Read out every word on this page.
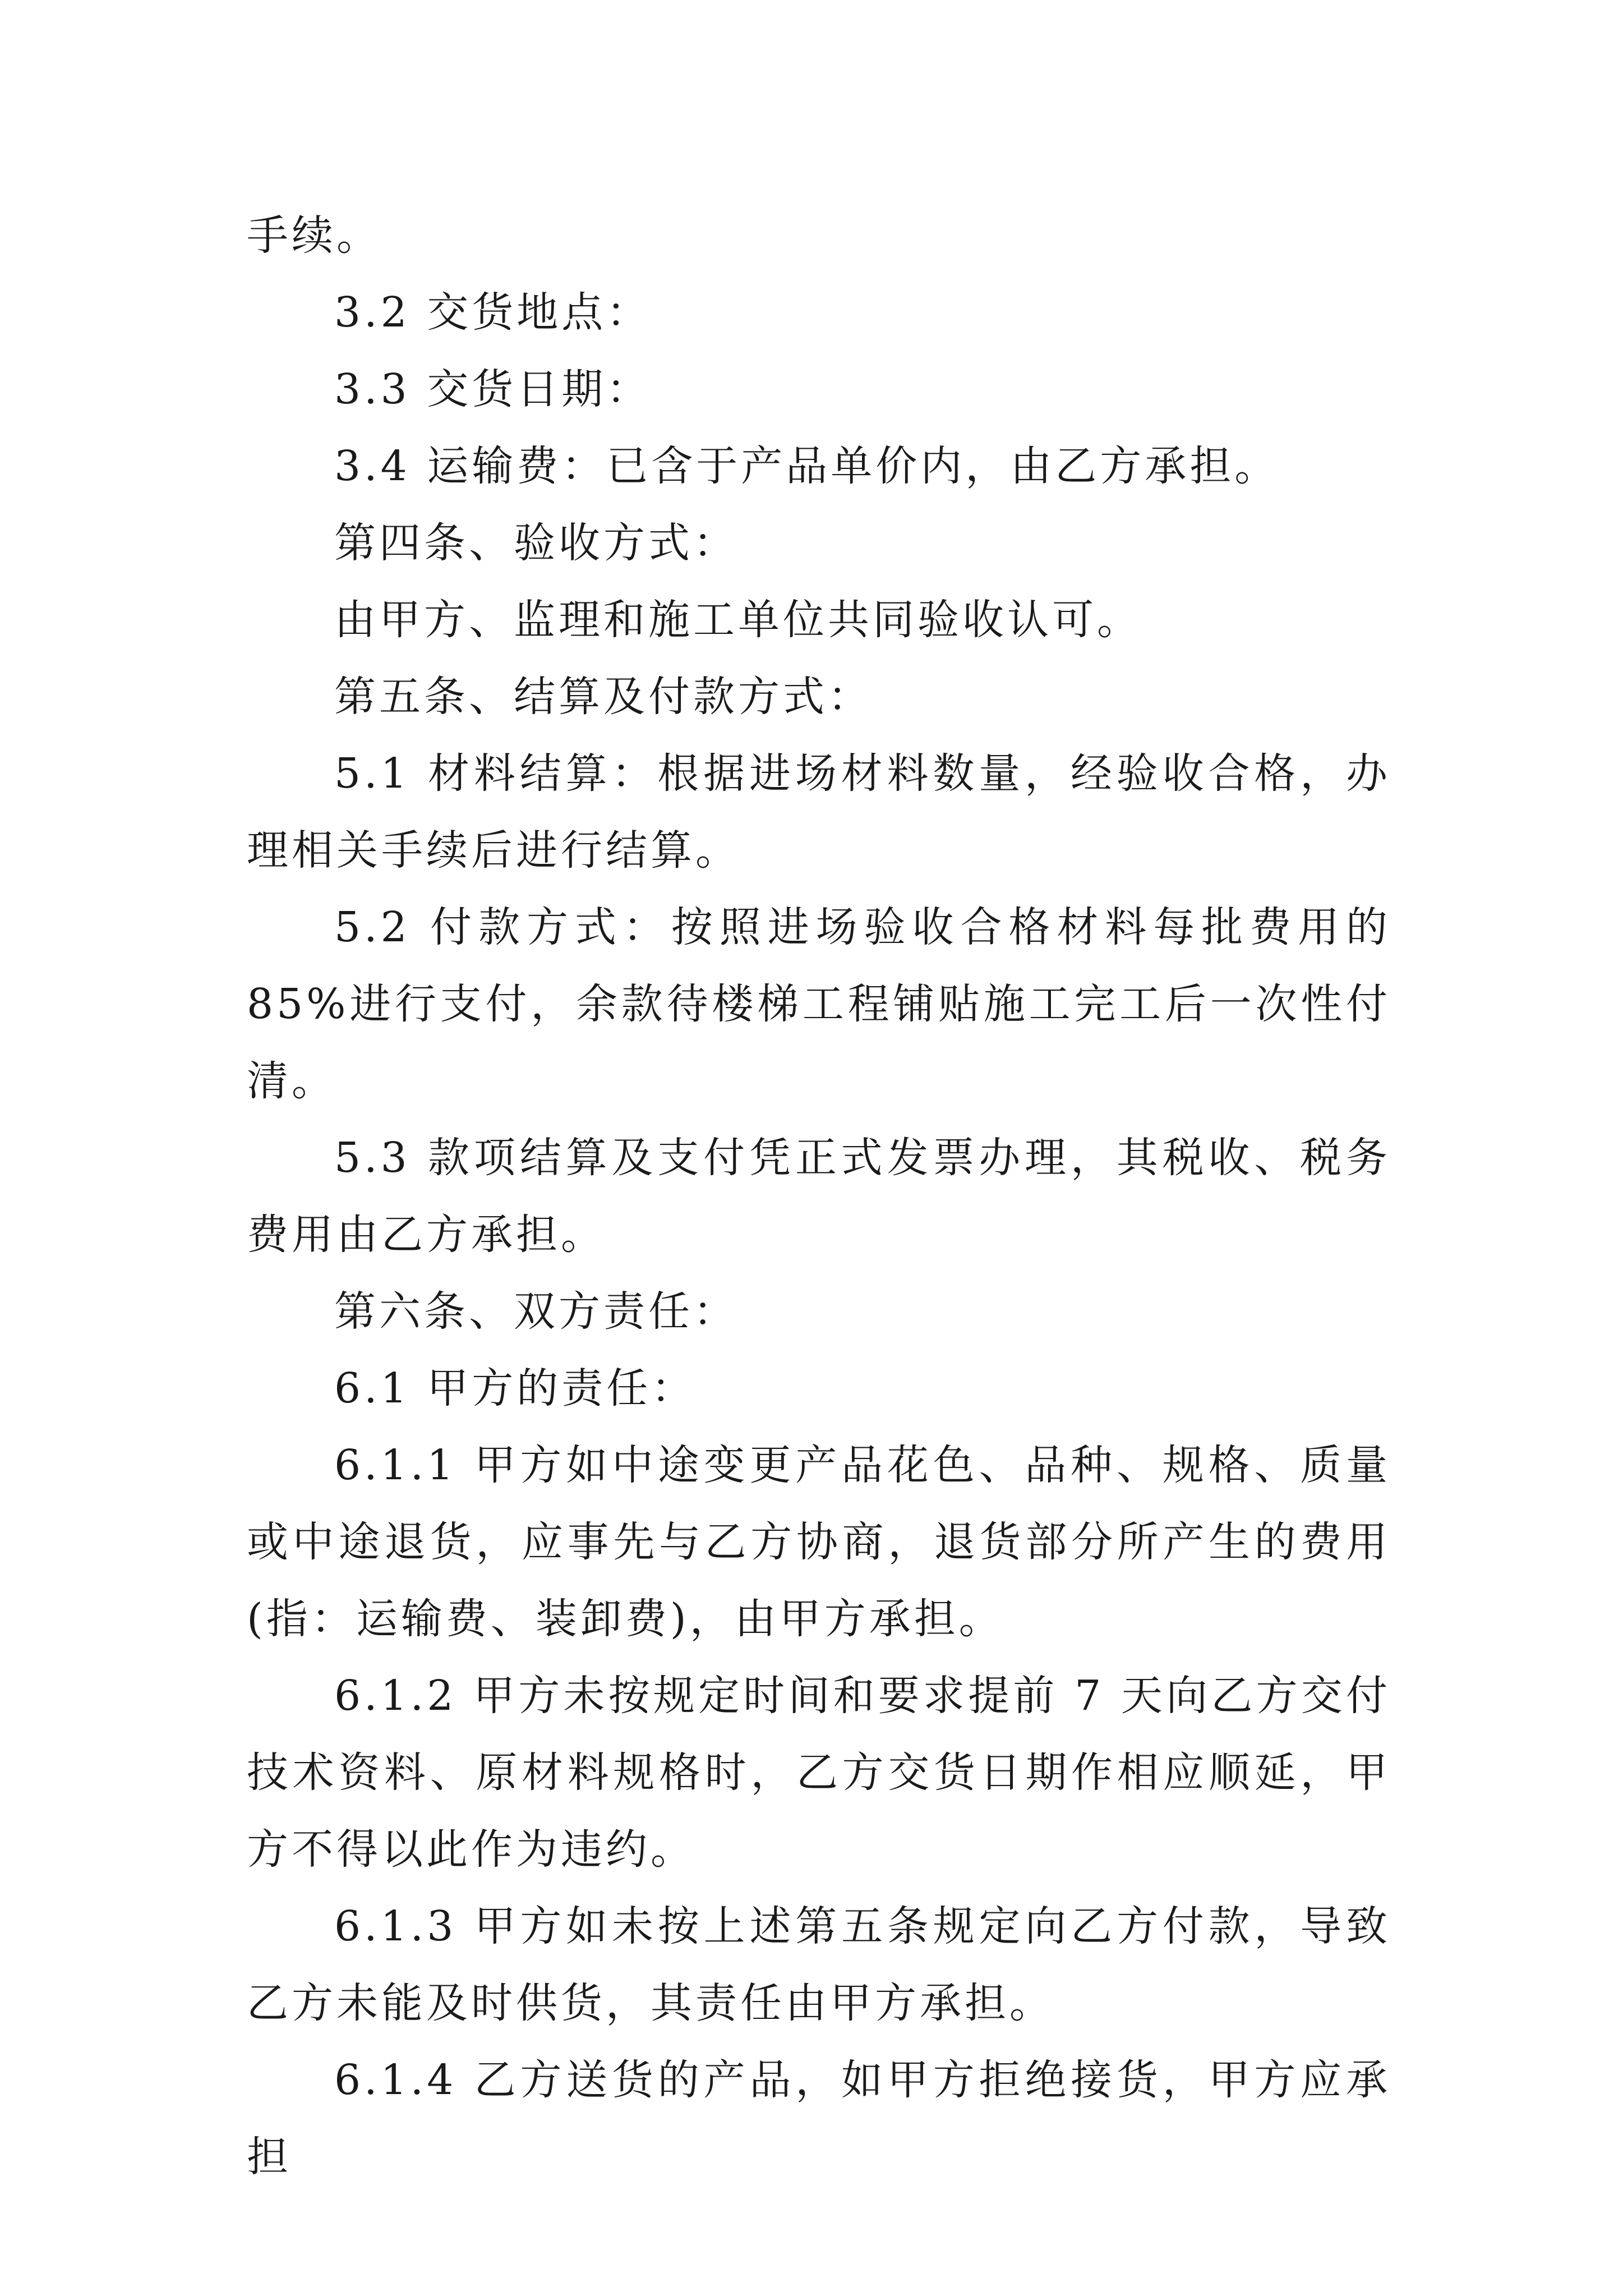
手续。

3.2 交货地点：

3.3 交货日期：

3.4 运输费：已含于产品单价内，由乙方承担。

第四条、验收方式：

由甲方、监理和施工单位共同验收认可。

第五条、结算及付款方式：

5.1 材料结算：根据进场材料数量，经验收合格，办理相关手续后进行结算。

5.2 付款方式：按照进场验收合格材料每批费用的 85%进行支付，余款待楼梯工程铺贴施工完工后一次性付清。

5.3 款项结算及支付凭正式发票办理，其税收、税务费用由乙方承担。

第六条、双方责任：

6.1 甲方的责任：

6.1.1 甲方如中途变更产品花色、品种、规格、质量或中途退货，应事先与乙方协商，退货部分所产生的费用(指：运输费、装卸费)，由甲方承担。

6.1.2 甲方未按规定时间和要求提前 7 天向乙方交付技术资料、原材料规格时，乙方交货日期作相应顺延，甲方不得以此作为违约。

6.1.3 甲方如未按上述第五条规定向乙方付款，导致乙方未能及时供货，其责任由甲方承担。

6.1.4 乙方送货的产品，如甲方拒绝接货，甲方应承担
